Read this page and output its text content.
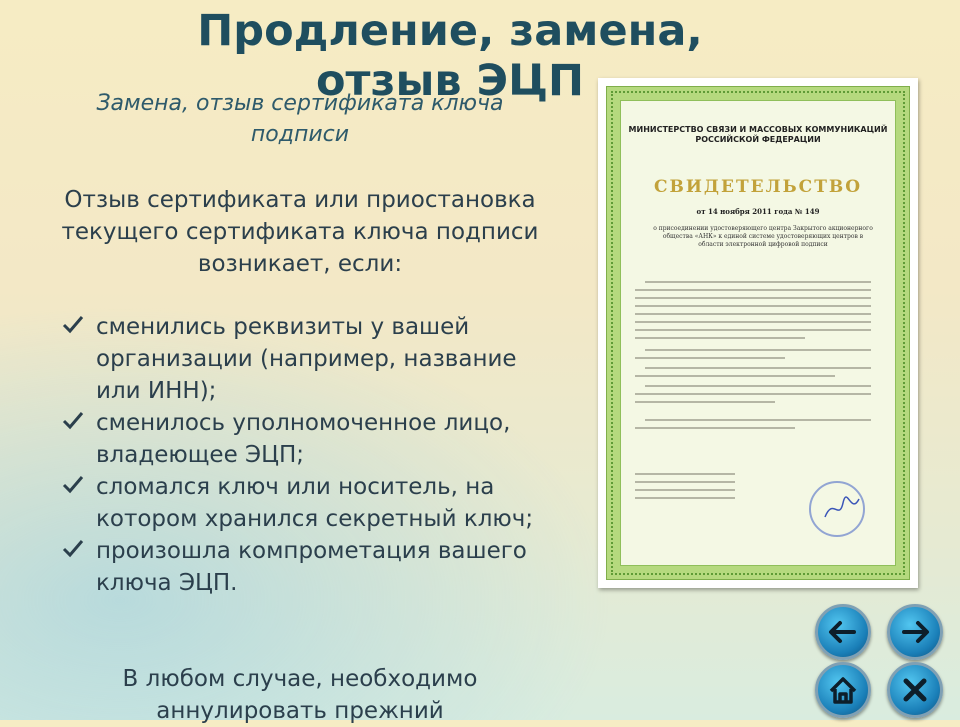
Продление, замена, отзыв ЭЦП

Замена, отзыв сертификата ключа подписи

Отзыв сертификата или приостановка текущего сертификата ключа подписи возникает, если:

сменились реквизиты у вашей организации (например, название или ИНН);
сменилось уполномоченное лицо, владеющее ЭЦП;
сломался ключ или носитель, на котором хранился секретный ключ;
произошла компрометация вашего ключа ЭЦП.

В любом случае, необходимо аннулировать прежний

МИНИСТЕРСТВО СВЯЗИ И МАССОВЫХ КОММУНИКАЦИЙ РОССИЙСКОЙ ФЕДЕРАЦИИ
СВИДЕТЕЛЬСТВО
от 14 ноября 2011 года № 149
о присоединении удостоверяющего центра Закрытого акционерного общества «АНК» к единой системе удостоверяющих центров в области электронной цифровой подписи
